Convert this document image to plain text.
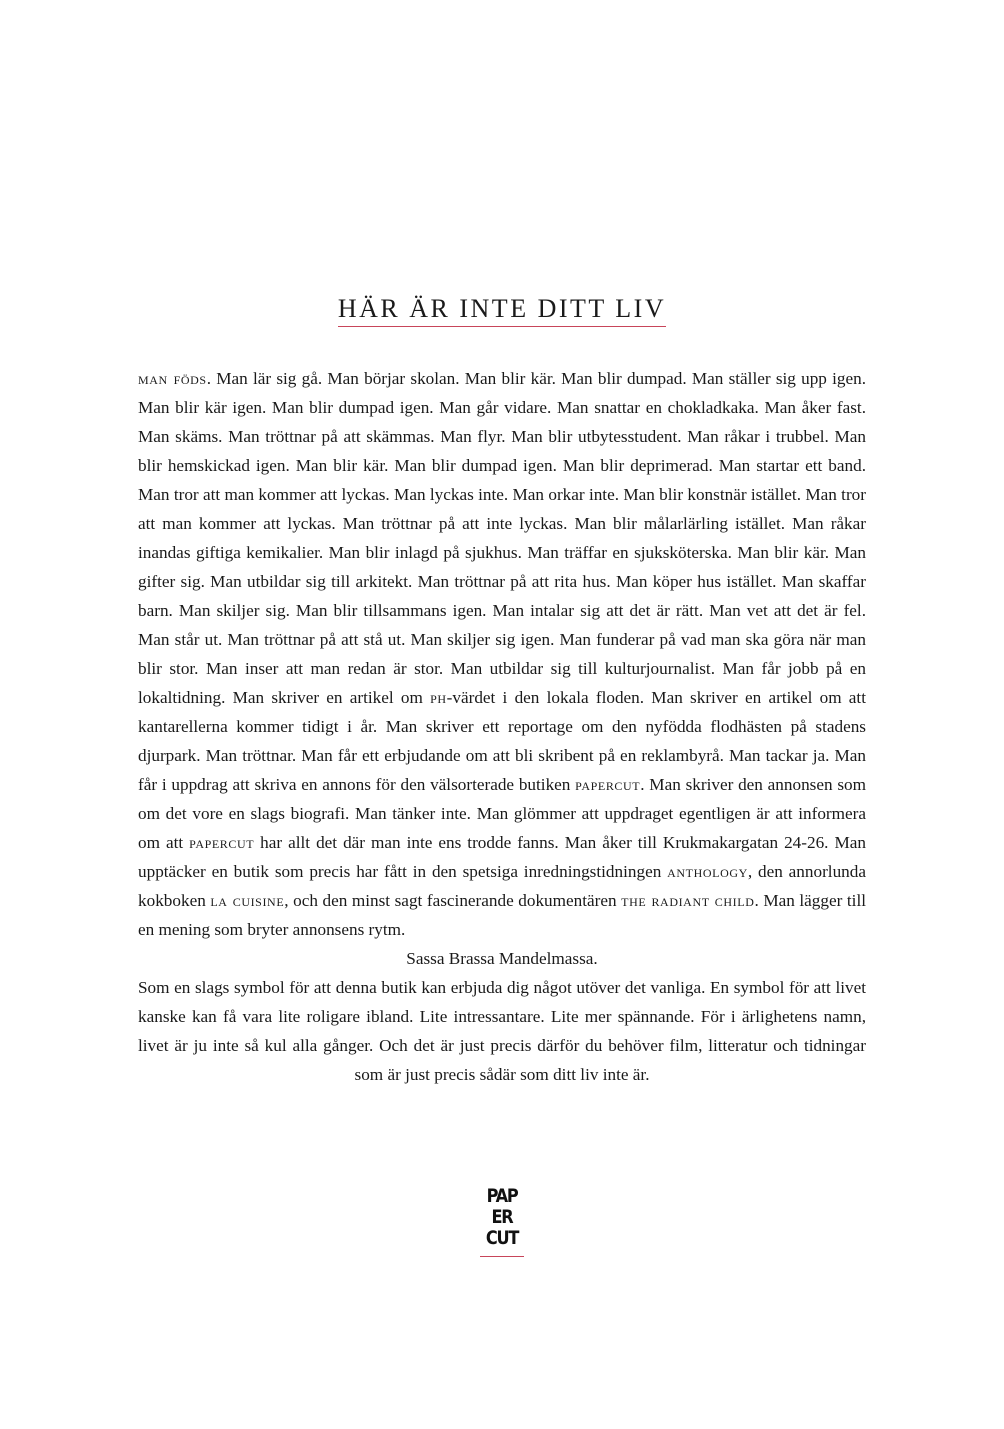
HÄR ÄR INTE DITT LIV

man föds. Man lär sig gå. Man börjar skolan. Man blir kär. Man blir dumpad. Man ställer sig upp igen. Man blir kär igen. Man blir dumpad igen. Man går vidare. Man snattar en chokladkaka. Man åker fast. Man skäms. Man tröttnar på att skämmas. Man flyr. Man blir utbytesstudent. Man råkar i trubbel. Man blir hemskickad igen. Man blir kär. Man blir dumpad igen. Man blir deprimerad. Man startar ett band. Man tror att man kommer att lyckas. Man lyckas inte. Man orkar inte. Man blir konstnär istället. Man tror att man kommer att lyckas. Man tröttnar på att inte lyckas. Man blir målarlärling istället. Man råkar inandas giftiga kemikalier. Man blir inlagd på sjukhus. Man träffar en sjuksköterska. Man blir kär. Man gifter sig. Man utbildar sig till arkitekt. Man tröttnar på att rita hus. Man köper hus istället. Man skaffar barn. Man skiljer sig. Man blir tillsammans igen. Man intalar sig att det är rätt. Man vet att det är fel. Man står ut. Man tröttnar på att stå ut. Man skiljer sig igen. Man funderar på vad man ska göra när man blir stor. Man inser att man redan är stor. Man utbildar sig till kulturjournalist. Man får jobb på en lokaltidning. Man skriver en artikel om ph-värdet i den lokala floden. Man skriver en artikel om att kantarellerna kommer tidigt i år. Man skriver ett reportage om den nyfödda flodhästen på stadens djurpark. Man tröttnar. Man får ett erbjudande om att bli skribent på en reklambyrå. Man tackar ja. Man får i uppdrag att skriva en annons för den välsorterade butiken papercut. Man skriver den annonsen som om det vore en slags biografi. Man tänker inte. Man glömmer att uppdraget egentligen är att informera om att papercut har allt det där man inte ens trodde fanns. Man åker till Krukmakargatan 24-26. Man upptäcker en butik som precis har fått in den spetsiga inredningstidningen anthology, den annorlunda kokboken la cuisine, och den minst sagt fascinerande dokumentären the radiant child. Man lägger till en mening som bryter annonsens rytm.

Sassa Brassa Mandelmassa.

Som en slags symbol för att denna butik kan erbjuda dig något utöver det vanliga. En symbol för att livet kanske kan få vara lite roligare ibland. Lite intressantare. Lite mer spännande. För i ärlighetens namn, livet är ju inte så kul alla gånger. Och det är just precis därför du behöver film, litteratur och tidningar som är just precis sådär som ditt liv inte är.

PAP
ER
CUT
